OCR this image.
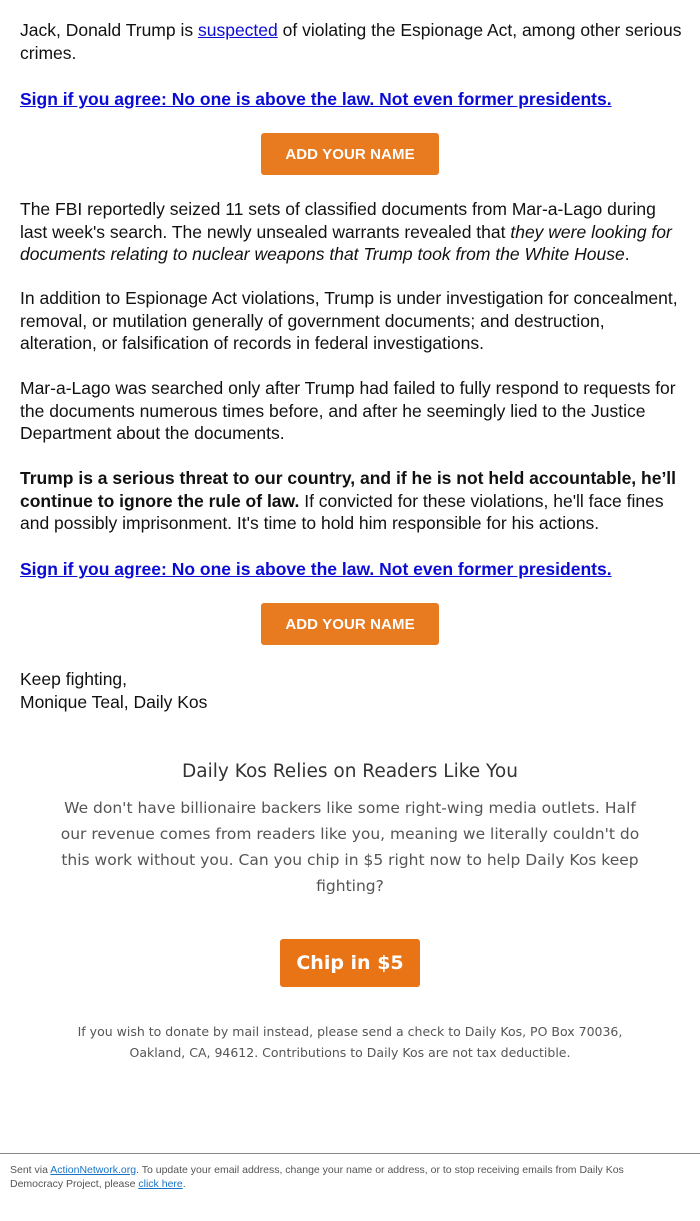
Jack, Donald Trump is suspected of violating the Espionage Act, among other serious crimes.

Sign if you agree: No one is above the law. Not even former presidents.
ADD YOUR NAME

The FBI reportedly seized 11 sets of classified documents from Mar-a-Lago during last week's search. The newly unsealed warrants revealed that they were looking for documents relating to nuclear weapons that Trump took from the White House.

In addition to Espionage Act violations, Trump is under investigation for concealment, removal, or mutilation generally of government documents; and destruction, alteration, or falsification of records in federal investigations.

Mar-a-Lago was searched only after Trump had failed to fully respond to requests for the documents numerous times before, and after he seemingly lied to the Justice Department about the documents.

Trump is a serious threat to our country, and if he is not held accountable, he’ll continue to ignore the rule of law. If convicted for these violations, he'll face fines and possibly imprisonment. It's time to hold him responsible for his actions.

Sign if you agree: No one is above the law. Not even former presidents.
ADD YOUR NAME

Keep fighting,
Monique Teal, Daily Kos

Daily Kos Relies on Readers Like You
We don't have billionaire backers like some right-wing media outlets. Half our revenue comes from readers like you, meaning we literally couldn't do this work without you. Can you chip in $5 right now to help Daily Kos keep fighting?
Chip in $5
If you wish to donate by mail instead, please send a check to Daily Kos, PO Box 70036, Oakland, CA, 94612. Contributions to Daily Kos are not tax deductible.
Sent via ActionNetwork.org. To update your email address, change your name or address, or to stop receiving emails from Daily Kos Democracy Project, please click here.
